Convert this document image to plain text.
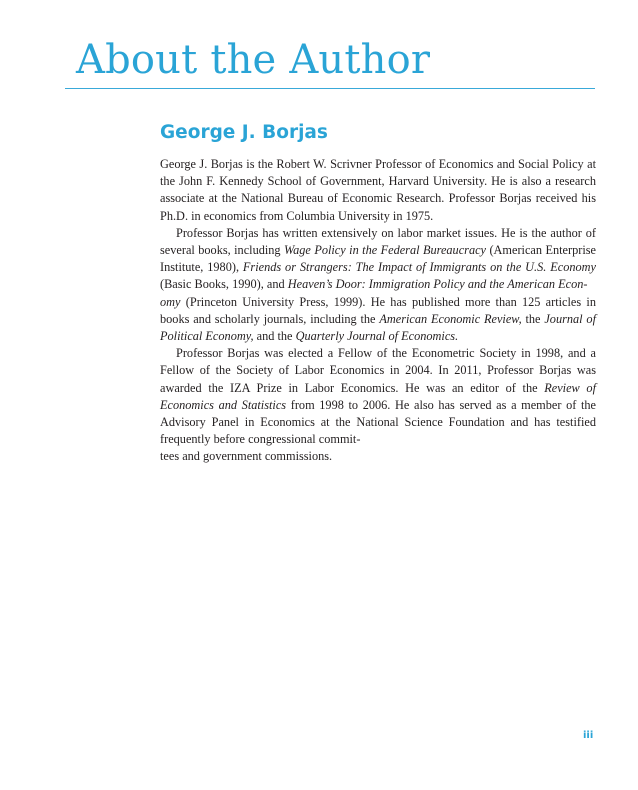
About the Author
George J. Borjas

George J. Borjas is the Robert W. Scrivner Professor of Economics and Social Policy at the John F. Kennedy School of Government, Harvard University. He is also a research associate at the National Bureau of Economic Research. Professor Borjas received his Ph.D. in economics from Columbia University in 1975.

Professor Borjas has written extensively on labor market issues. He is the author of several books, including Wage Policy in the Federal Bureaucracy (American Enterprise Institute, 1980), Friends or Strangers: The Impact of Immigrants on the U.S. Economy (Basic Books, 1990), and Heaven’s Door: Immigration Policy and the American Econ-
omy (Princeton University Press, 1999). He has published more than 125 articles in books and scholarly journals, including the American Economic Review, the Journal of Political Economy, and the Quarterly Journal of Economics.

Professor Borjas was elected a Fellow of the Econometric Society in 1998, and a Fellow of the Society of Labor Economics in 2004. In 2011, Professor Borjas was awarded the IZA Prize in Labor Economics. He was an editor of the Review of Economics and Statistics from 1998 to 2006. He also has served as a member of the Advisory Panel in Economics at the National Science Foundation and has testified frequently before congressional commit-
tees and government commissions.

iii
